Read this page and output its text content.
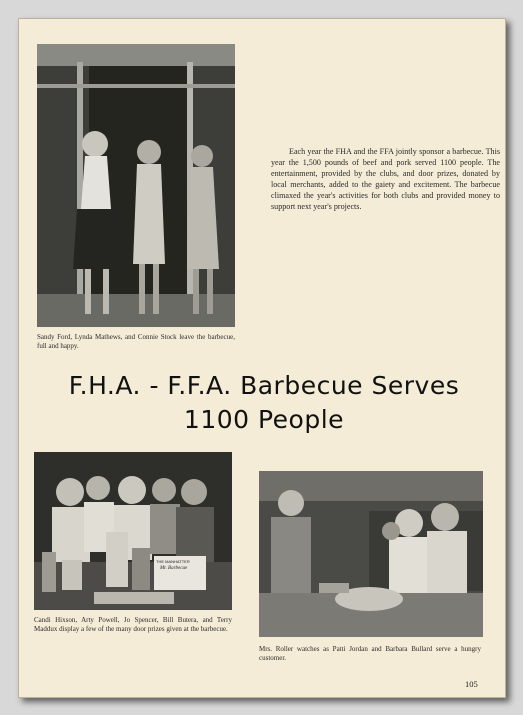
Sandy Ford, Lynda Mathews, and Connie Stock leave the barbecue, full and happy.
Each year the FHA and the FFA jointly sponsor a barbecue. This year the 1,500 pounds of beef and pork served 1100 people. The entertainment, provided by the clubs, and door prizes, donated by local merchants, added to the gaiety and excitement. The barbecue climaxed the year's activities for both clubs and provided money to support next year's projects.
F.H.A. - F.F.A. Barbecue Serves
1100 People
THE MANHATTER
Mr. Barbecue
Candi Hixson, Arty Powell, Jo Spencer, Bill Butera, and Terry Maddux display a few of the many door prizes given at the barbecue.
Mrs. Roller watches as Patti Jordan and Barbara Bullard serve a hungry customer.
105
